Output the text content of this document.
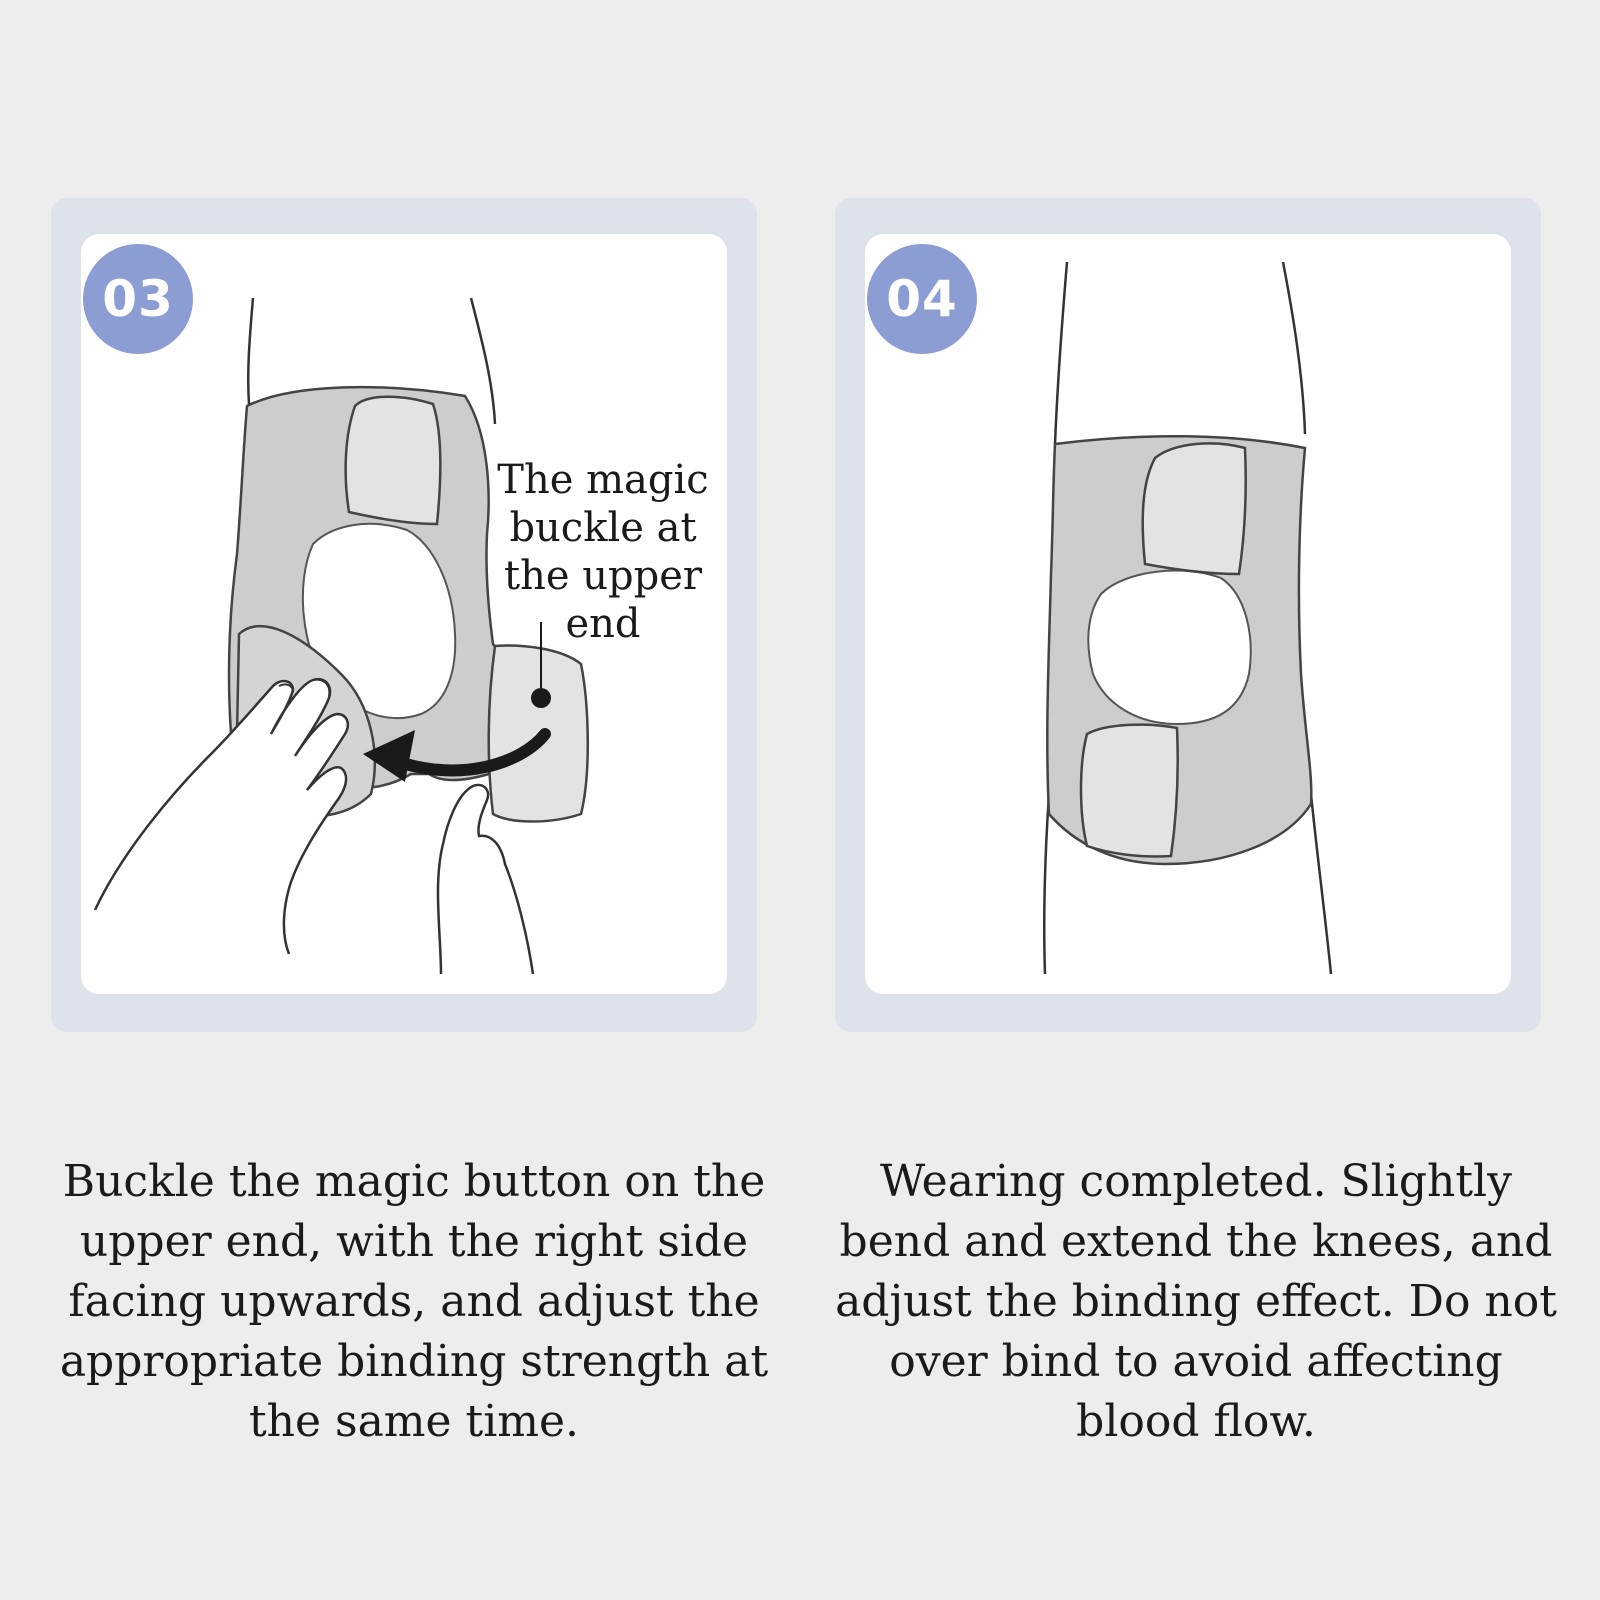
03
The magic buckle at the upper end
04
Buckle the magic button on the upper end, with the right side facing upwards, and adjust the appropriate binding strength at the same time.
Wearing completed. Slightly bend and extend the knees, and adjust the binding effect. Do not over bind to avoid affecting blood flow.
